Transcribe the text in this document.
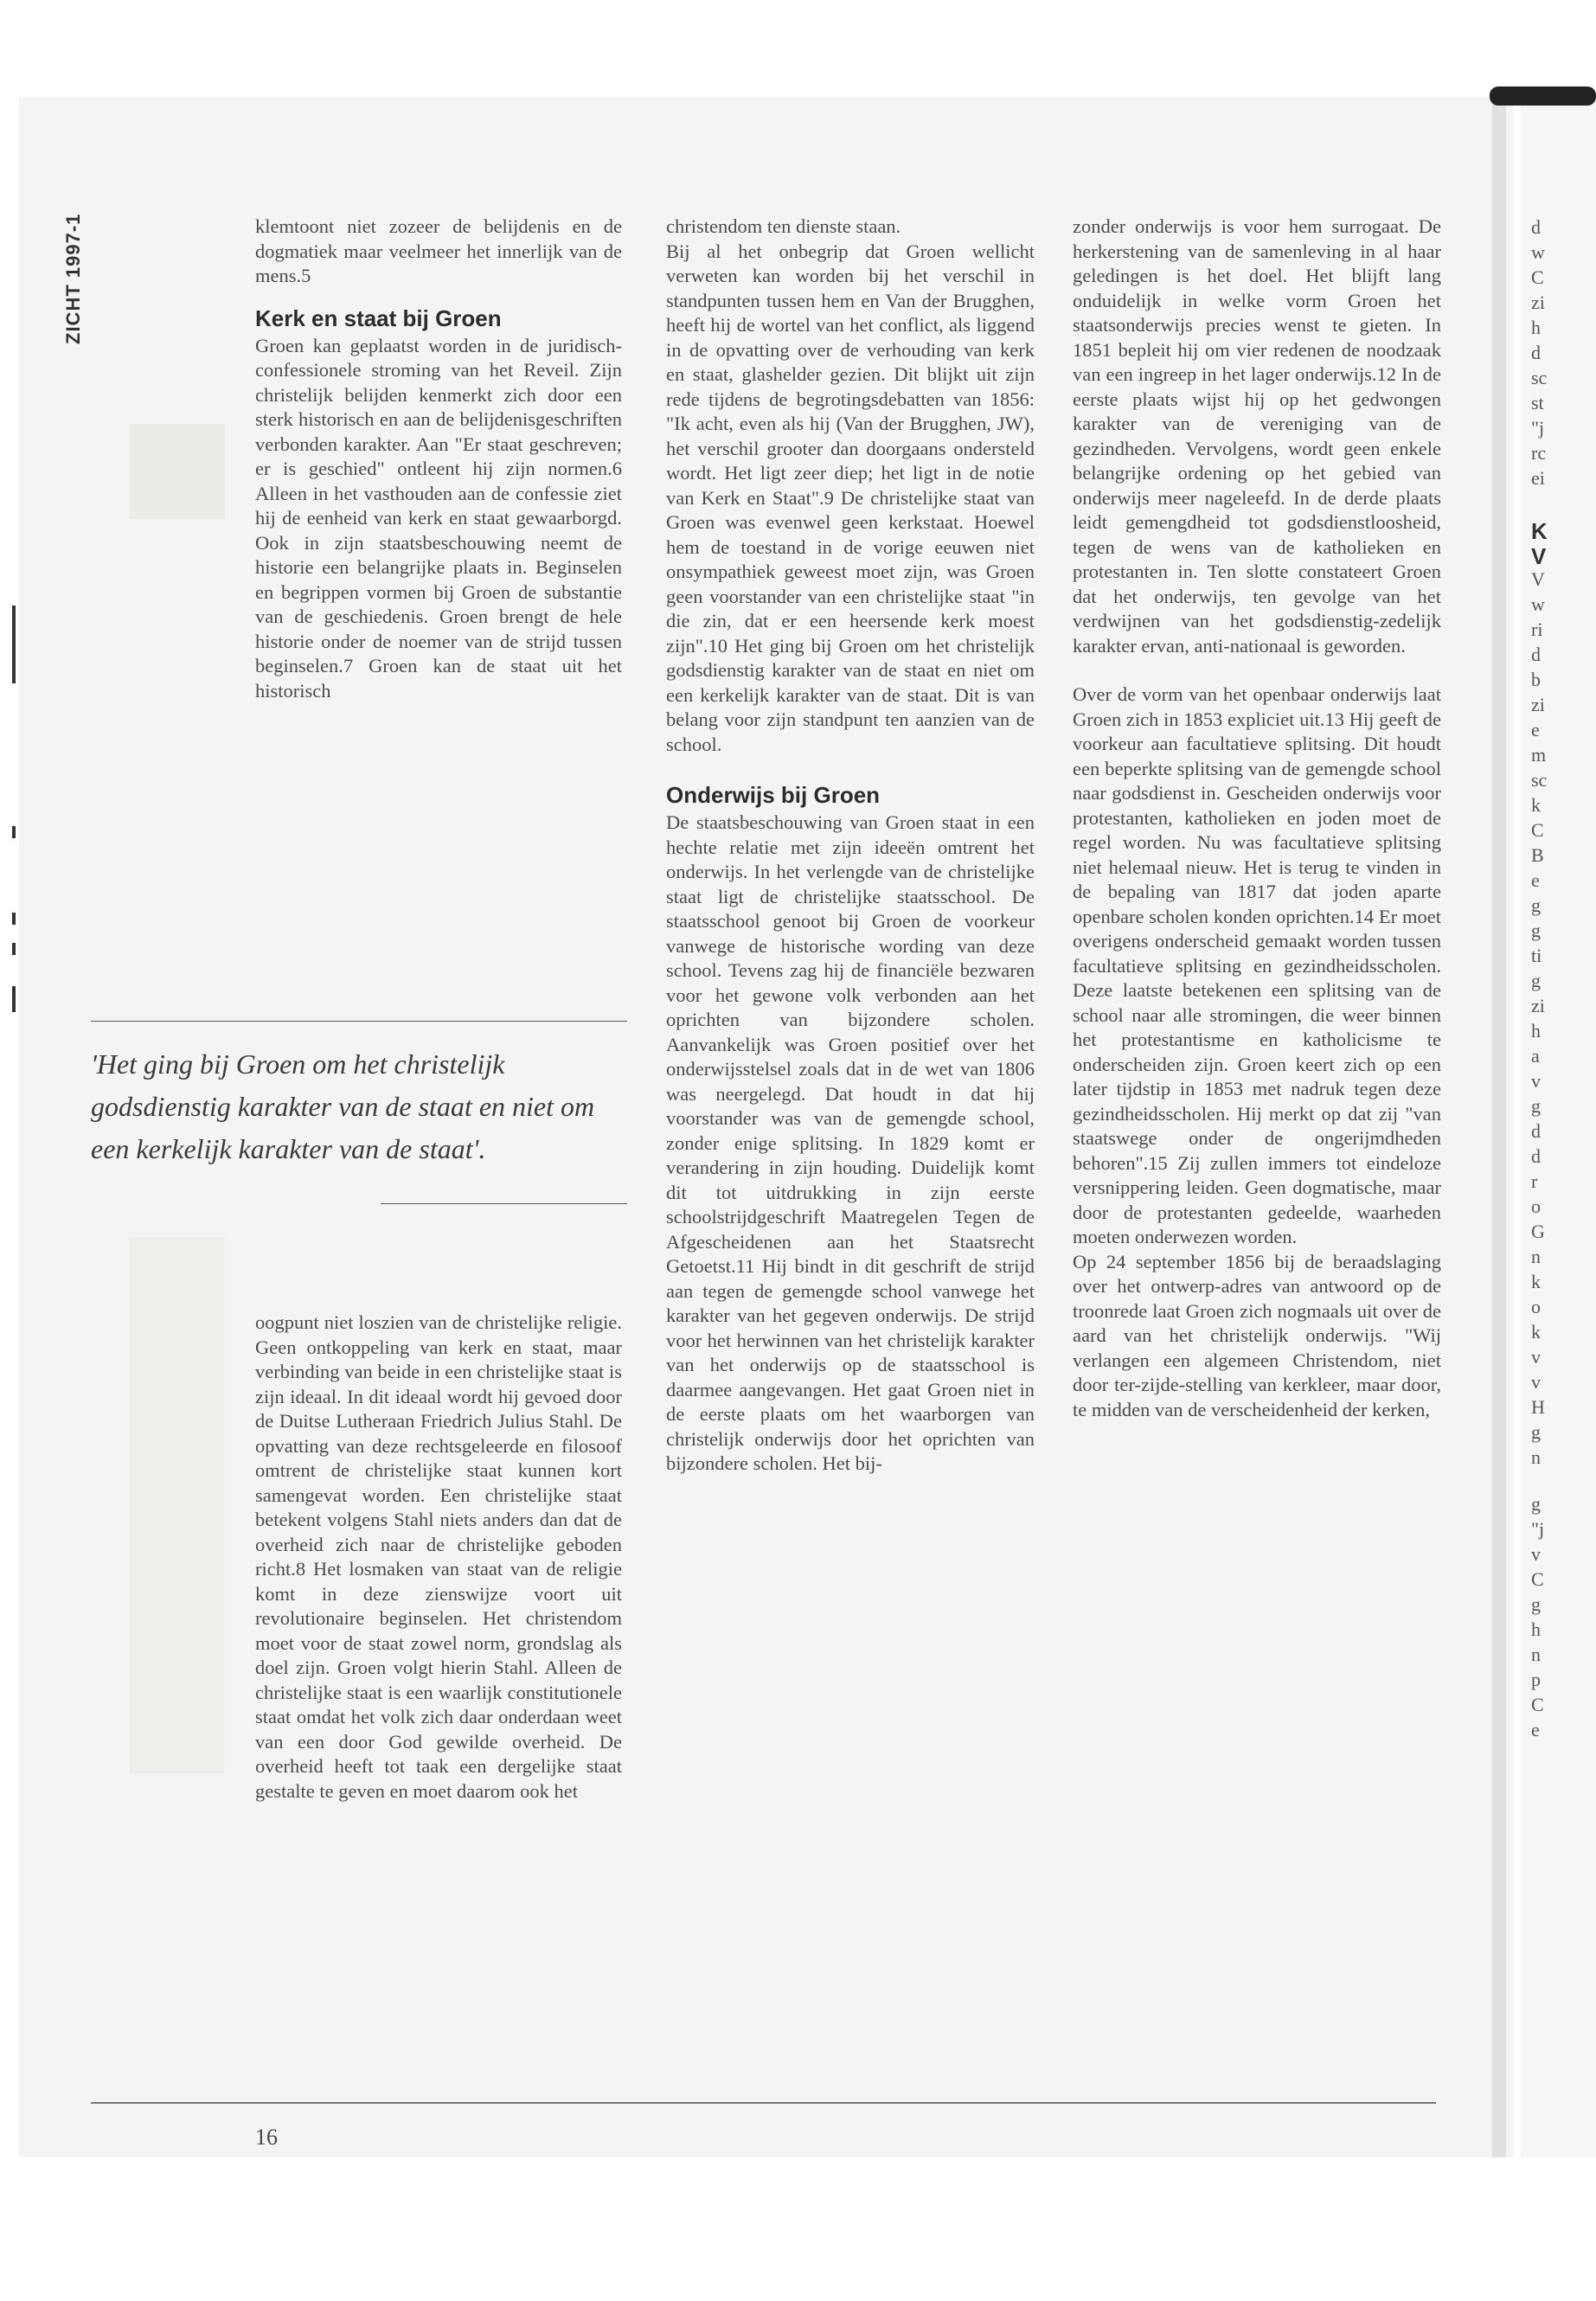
ZICHT 1997-1	klemtoont niet zozeer de belijdenis en de dogmatiek maar veelmeer het innerlijk van de mens.5

Kerk en staat bij Groen

Groen kan geplaatst worden in de juridisch-confessionele stroming van het Reveil. Zijn christelijk belijden kenmerkt zich door een sterk historisch en aan de belijdenisgeschriften verbonden karakter. Aan "Er staat geschreven; er is geschied" ontleent hij zijn normen.6 Alleen in het vasthouden aan de confessie ziet hij de eenheid van kerk en staat gewaarborgd. Ook in zijn staatsbeschouwing neemt de historie een belangrijke plaats in. Beginselen en begrippen vormen bij Groen de substantie van de geschiedenis. Groen brengt de hele historie onder de noemer van de strijd tussen beginselen.7 Groen kan de staat uit het historisch

'Het ging bij Groen om het christelijk godsdienstig karakter van de staat en niet om een kerkelijk karakter van de staat'.

oogpunt niet loszien van de christelijke religie. Geen ontkoppeling van kerk en staat, maar verbinding van beide in een christelijke staat is zijn ideaal. In dit ideaal wordt hij gevoed door de Duitse Lutheraan Friedrich Julius Stahl. De opvatting van deze rechtsgeleerde en filosoof omtrent de christelijke staat kunnen kort samengevat worden. Een christelijke staat betekent volgens Stahl niets anders dan dat de overheid zich naar de christelijke geboden richt.8 Het losmaken van staat van de religie komt in deze zienswijze voort uit revolutionaire beginselen. Het christendom moet voor de staat zowel norm, grondslag als doel zijn. Groen volgt hierin Stahl. Alleen de christelijke staat is een waarlijk constitutionele staat omdat het volk zich daar onderdaan weet van een door God gewilde overheid. De overheid heeft tot taak een dergelijke staat gestalte te geven en moet daarom ook het

christendom ten dienste staan.

Bij al het onbegrip dat Groen wellicht verweten kan worden bij het verschil in standpunten tussen hem en Van der Brugghen, heeft hij de wortel van het conflict, als liggend in de opvatting over de verhouding van kerk en staat, glashelder gezien. Dit blijkt uit zijn rede tijdens de begrotingsdebatten van 1856: "Ik acht, even als hij (Van der Brugghen, JW), het verschil grooter dan doorgaans ondersteld wordt. Het ligt zeer diep; het ligt in de notie van Kerk en Staat".9 De christelijke staat van Groen was evenwel geen kerkstaat. Hoewel hem de toestand in de vorige eeuwen niet onsympathiek geweest moet zijn, was Groen geen voorstander van een christelijke staat "in die zin, dat er een heersende kerk moest zijn".10 Het ging bij Groen om het christelijk godsdienstig karakter van de staat en niet om een kerkelijk karakter van de staat. Dit is van belang voor zijn standpunt ten aanzien van de school.

Onderwijs bij Groen

De staatsbeschouwing van Groen staat in een hechte relatie met zijn ideeën omtrent het onderwijs. In het verlengde van de christelijke staat ligt de christelijke staatsschool. De staatsschool genoot bij Groen de voorkeur vanwege de historische wording van deze school. Tevens zag hij de financiële bezwaren voor het gewone volk verbonden aan het oprichten van bijzondere scholen. Aanvankelijk was Groen positief over het onderwijsstelsel zoals dat in de wet van 1806 was neergelegd. Dat houdt in dat hij voorstander was van de gemengde school, zonder enige splitsing. In 1829 komt er verandering in zijn houding. Duidelijk komt dit tot uitdrukking in zijn eerste schoolstrijdgeschrift Maatregelen Tegen de Afgescheidenen aan het Staatsrecht Getoetst.11 Hij bindt in dit geschrift de strijd aan tegen de gemengde school vanwege het karakter van het gegeven onderwijs. De strijd voor het herwinnen van het christelijk karakter van het onderwijs op de staatsschool is daarmee aangevangen. Het gaat Groen niet in de eerste plaats om het waarborgen van christelijk onderwijs door het oprichten van bijzondere scholen. Het bij-

zonder onderwijs is voor hem surrogaat. De herkerstening van de samenleving in al haar geledingen is het doel. Het blijft lang onduidelijk in welke vorm Groen het staatsonderwijs precies wenst te gieten. In 1851 bepleit hij om vier redenen de noodzaak van een ingreep in het lager onderwijs.12 In de eerste plaats wijst hij op het gedwongen karakter van de vereniging van de gezindheden. Vervolgens, wordt geen enkele belangrijke ordening op het gebied van onderwijs meer nageleefd. In de derde plaats leidt gemengdheid tot godsdienstloosheid, tegen de wens van de katholieken en protestanten in. Ten slotte constateert Groen dat het onderwijs, ten gevolge van het verdwijnen van het godsdienstig-zedelijk karakter ervan, anti-nationaal is geworden.

Over de vorm van het openbaar onderwijs laat Groen zich in 1853 expliciet uit.13 Hij geeft de voorkeur aan facultatieve splitsing. Dit houdt een beperkte splitsing van de gemengde school naar godsdienst in. Gescheiden onderwijs voor protestanten, katholieken en joden moet de regel worden. Nu was facultatieve splitsing niet helemaal nieuw. Het is terug te vinden in de bepaling van 1817 dat joden aparte openbare scholen konden oprichten.14 Er moet overigens onderscheid gemaakt worden tussen facultatieve splitsing en gezindheidsscholen. Deze laatste betekenen een splitsing van de school naar alle stromingen, die weer binnen het protestantisme en katholicisme te onderscheiden zijn. Groen keert zich op een later tijdstip in 1853 met nadruk tegen deze gezindheidsscholen. Hij merkt op dat zij "van staatswege onder de ongerijmdheden behoren".15 Zij zullen immers tot eindeloze versnippering leiden. Geen dogmatische, maar door de protestanten gedeelde, waarheden moeten onderwezen worden.

Op 24 september 1856 bij de beraadslaging over het ontwerp-adres van antwoord op de troonrede laat Groen zich nogmaals uit over de aard van het christelijk onderwijs. "Wij verlangen een algemeen Christendom, niet door ter-zijde-stelling van kerkleer, maar door, te midden van de verscheidenheid der kerken,

16
d
w
C
zi
h
d
sc
st
"j
rc
ei
K
V
V
w
ri
d
b
zi
e
m
sc
k
C
B
e
g
g
ti
g
zi
h
a
v
g
d
d
r
o
G
n
k
o
k
v
v
H
g
n
g
"j
v
C
g
h
n
p
C
e
